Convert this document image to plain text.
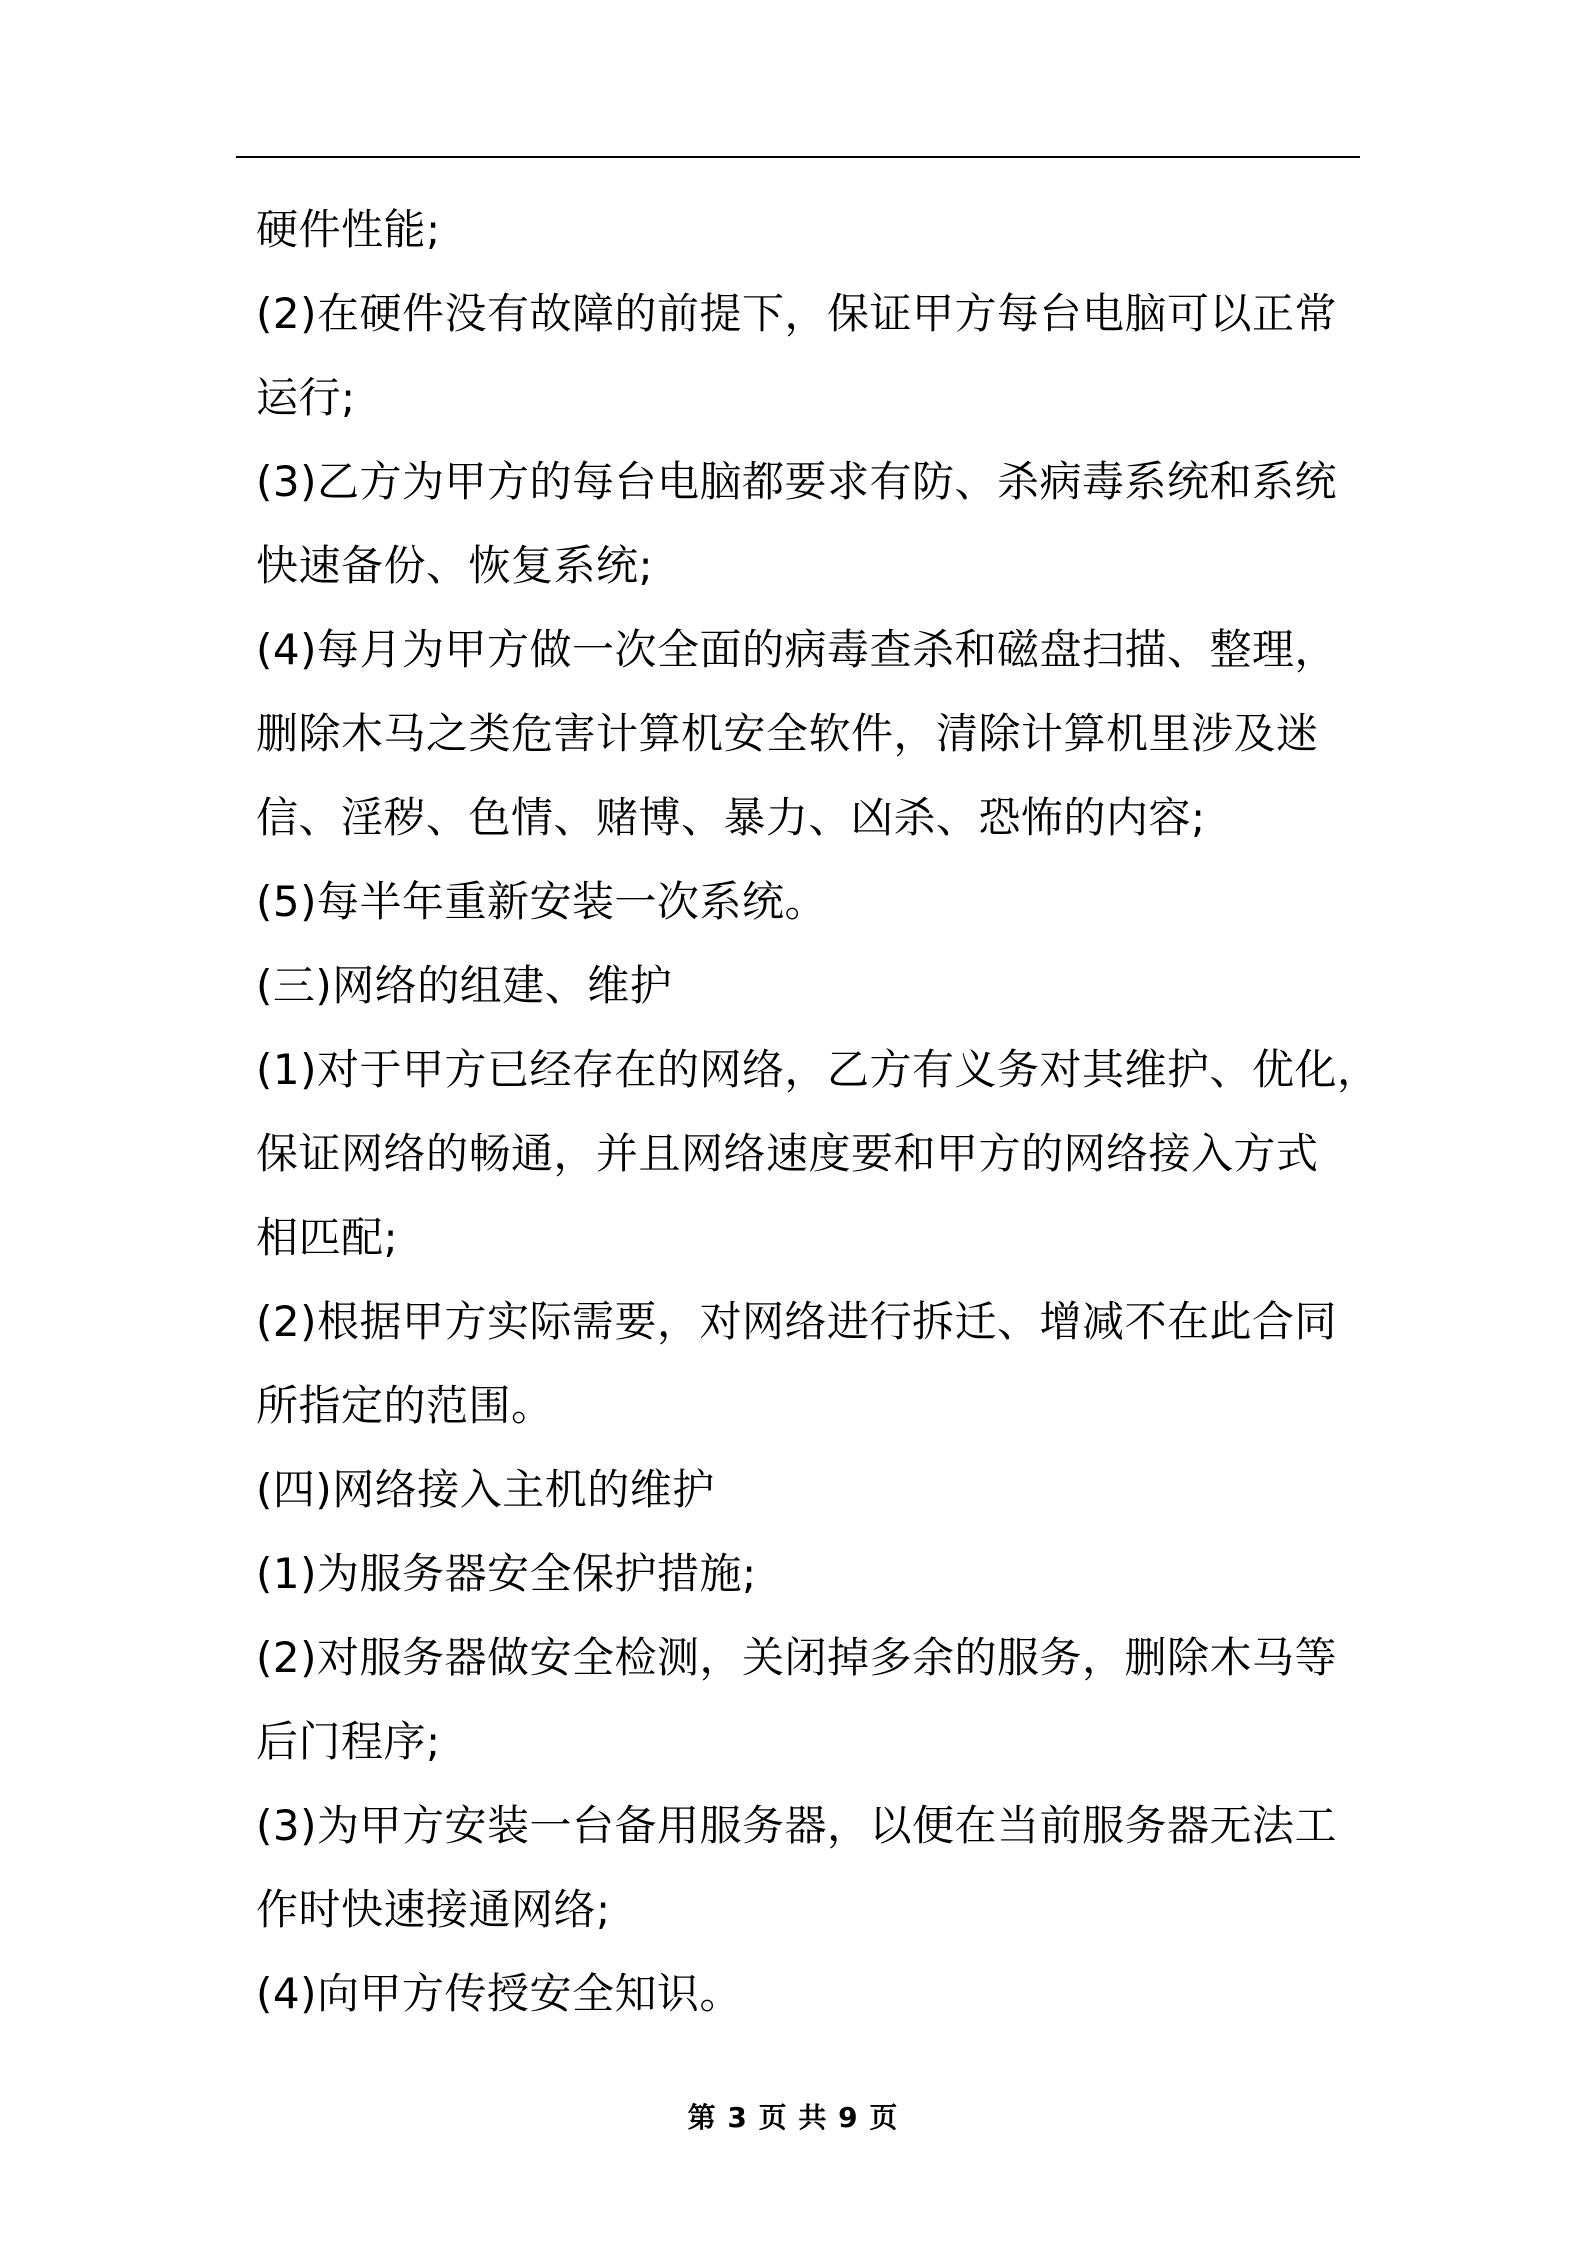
硬件性能;
(2)在硬件没有故障的前提下，保证甲方每台电脑可以正常
运行;
(3)乙方为甲方的每台电脑都要求有防、杀病毒系统和系统
快速备份、恢复系统;
(4)每月为甲方做一次全面的病毒查杀和磁盘扫描、整理，
删除木马之类危害计算机安全软件，清除计算机里涉及迷
信、淫秽、色情、赌博、暴力、凶杀、恐怖的内容;
(5)每半年重新安装一次系统。
(三)网络的组建、维护
(1)对于甲方已经存在的网络，乙方有义务对其维护、优化，
保证网络的畅通，并且网络速度要和甲方的网络接入方式
相匹配;
(2)根据甲方实际需要，对网络进行拆迁、增减不在此合同
所指定的范围。
(四)网络接入主机的维护
(1)为服务器安全保护措施;
(2)对服务器做安全检测，关闭掉多余的服务，删除木马等
后门程序;
(3)为甲方安装一台备用服务器，以便在当前服务器无法工
作时快速接通网络;
(4)向甲方传授安全知识。
第 3 页 共 9 页
